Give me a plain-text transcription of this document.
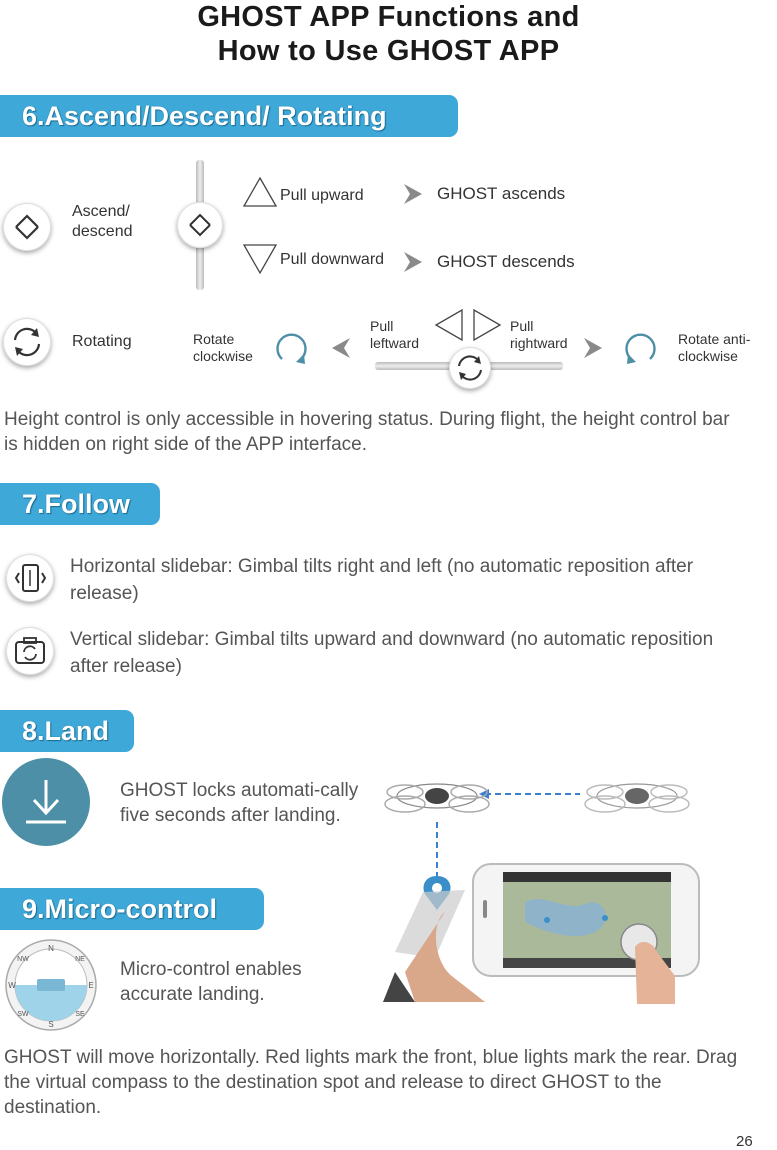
GHOST APP Functions and
How to Use GHOST APP
6.Ascend/Descend/ Rotating
Ascend/ descend
Pull upward	GHOST ascends
Pull downward	GHOST descends
Rotating	Rotate clockwise
Pull leftward
Pull rightward	Rotate anti-clockwise
Height control is only accessible in hovering status. During flight, the height control bar is hidden on right side of the APP interface.
7.Follow
Horizontal slidebar: Gimbal tilts right and left (no automatic reposition after release)
Vertical slidebar: Gimbal tilts upward and downward (no automatic reposition after release)
8.Land
GHOST locks automati-cally five seconds after landing.
9.Micro-control
N
S
W	E
NW	NE
SW	SE
Micro-control enables accurate landing.
GHOST will move horizontally. Red lights mark the front, blue lights mark the rear. Drag the virtual compass to the destination spot and release to direct GHOST to the destination.
26
